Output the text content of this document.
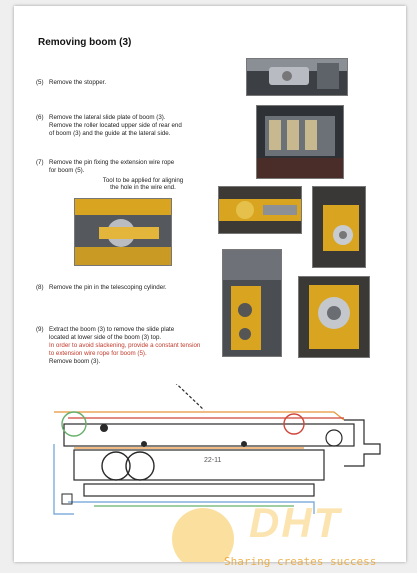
Removing boom (3)
(5) Remove the stopper.
(6) Remove the lateral slide plate of boom (3).
Remove the roller located upper side of rear end
of boom (3) and the guide at the lateral side.
(7) Remove the pin fixing the extension wire rope
for boom (5).
Tool to be applied for aligning
the hole in the wire end.
(8) Remove the pin in the telescoping cylinder.
(9) Extract the boom (3) to remove the slide plate
located at lower side of the boom (3) top.
In order to avoid slackening, provide a constant tension
to extension wire rope for boom (5).
Remove boom (3).
22-11
DHT
Sharing creates success
